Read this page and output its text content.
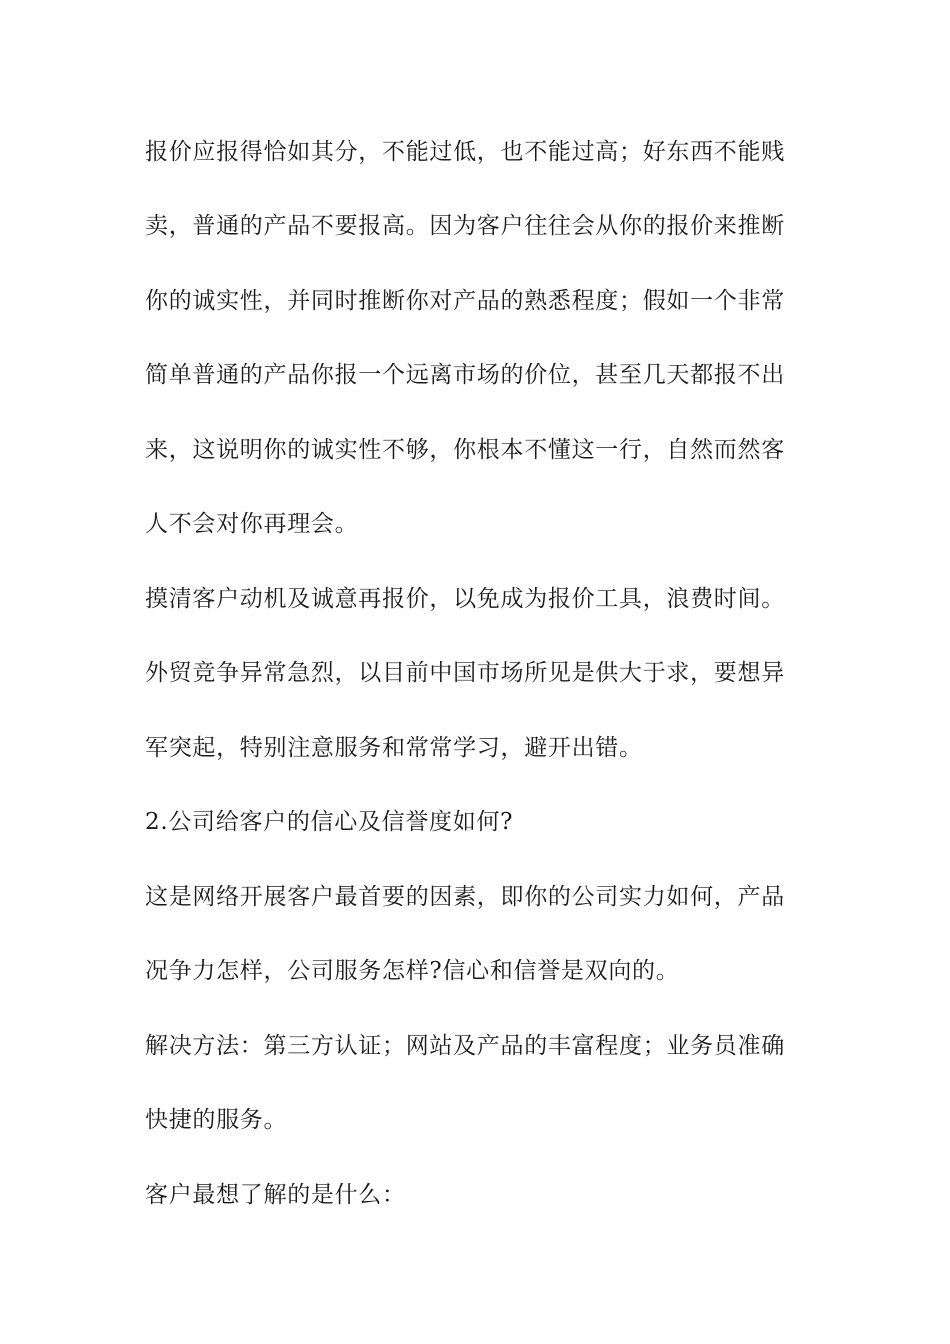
报价应报得恰如其分，不能过低，也不能过高；好东西不能贱

卖，普通的产品不要报高。因为客户往往会从你的报价来推断

你的诚实性，并同时推断你对产品的熟悉程度；假如一个非常

简单普通的产品你报一个远离市场的价位，甚至几天都报不出

来，这说明你的诚实性不够，你根本不懂这一行，自然而然客

人不会对你再理会。

摸清客户动机及诚意再报价，以免成为报价工具，浪费时间。

外贸竞争异常急烈，以目前中国市场所见是供大于求，要想异

军突起，特别注意服务和常常学习，避开出错。

2.公司给客户的信心及信誉度如何?

这是网络开展客户最首要的因素，即你的公司实力如何，产品

况争力怎样，公司服务怎样?信心和信誉是双向的。

解决方法：第三方认证；网站及产品的丰富程度；业务员准确

快捷的服务。

客户最想了解的是什么：
